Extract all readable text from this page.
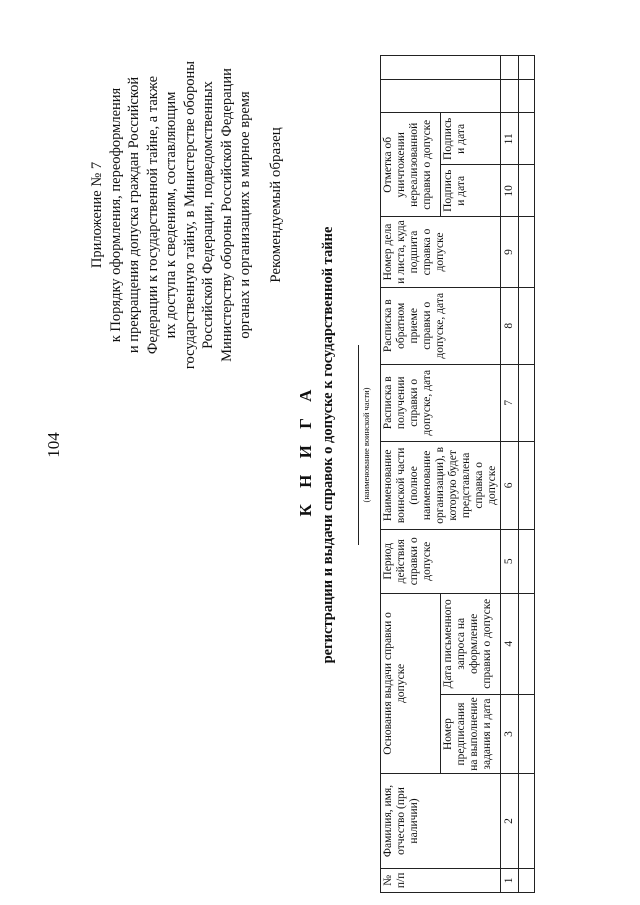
104
Приложение № 7 к Порядку оформления, переоформления и прекращения допуска граждан Российской Федерации к государственной тайне, а также их доступа к сведениям, составляющим государственную тайну, в Министерстве обороны Российской Федерации, подведомственных Министерству обороны Российской Федерации органах и организациях в мирное время Рекомендуемый образец
К Н И Г А регистрации и выдачи справок о допуске к государственной тайне	(наименование воинской части)
№ п/п	Фамилия, имя, отчество (при наличии)	Основания выдачи справки о допуске		Период действия справки о допуске	Наименование воинской части (полное наименование организации), в которую будет представлена справка о допуске	Расписка в получении справки о допуске, дата	Расписка в обратном приеме справки о допуске, дата	Номер дела и листа, куда подшита справка о допуске	Отметка об уничтожении нереализованной справки о допуске			
		Номер предписания на выполнение задания и дата	Дата письменного запроса на оформление справки о допуске						Подпись и дата	Подпись и дата		
1	2	3	4	5	6	7	8	9	10	11		
